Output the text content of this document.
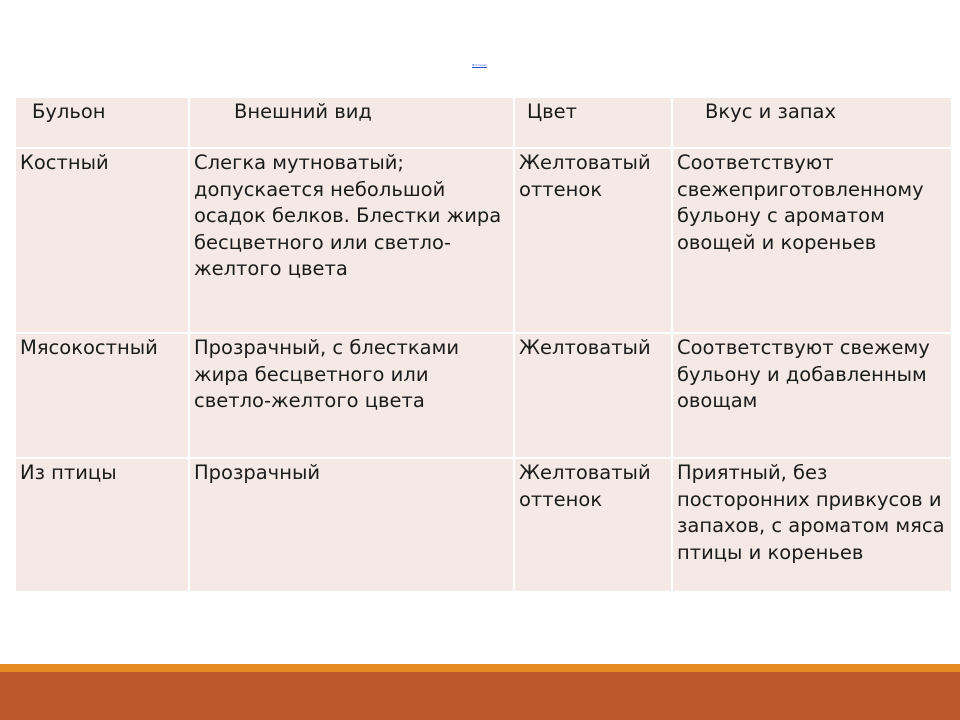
Источник
Бульон	Внешний вид	Цвет	Вкус и запах
Костный	Слегка мутноватый; допускается небольшой осадок белков. Блестки жира бесцветного или светло-желтого цвета	Желтоватый оттенок	Соответствуют свежеприготовленному бульону с ароматом овощей и кореньев
Мясокостный	Прозрачный, с блестками жира бесцветного или светло-желтого цвета	Желтоватый	Соответствуют свежему бульону и добавленным овощам
Из птицы	Прозрачный	Желтоватый оттенок	Приятный, без посторонних привкусов и запахов, с ароматом мяса птицы и кореньев
